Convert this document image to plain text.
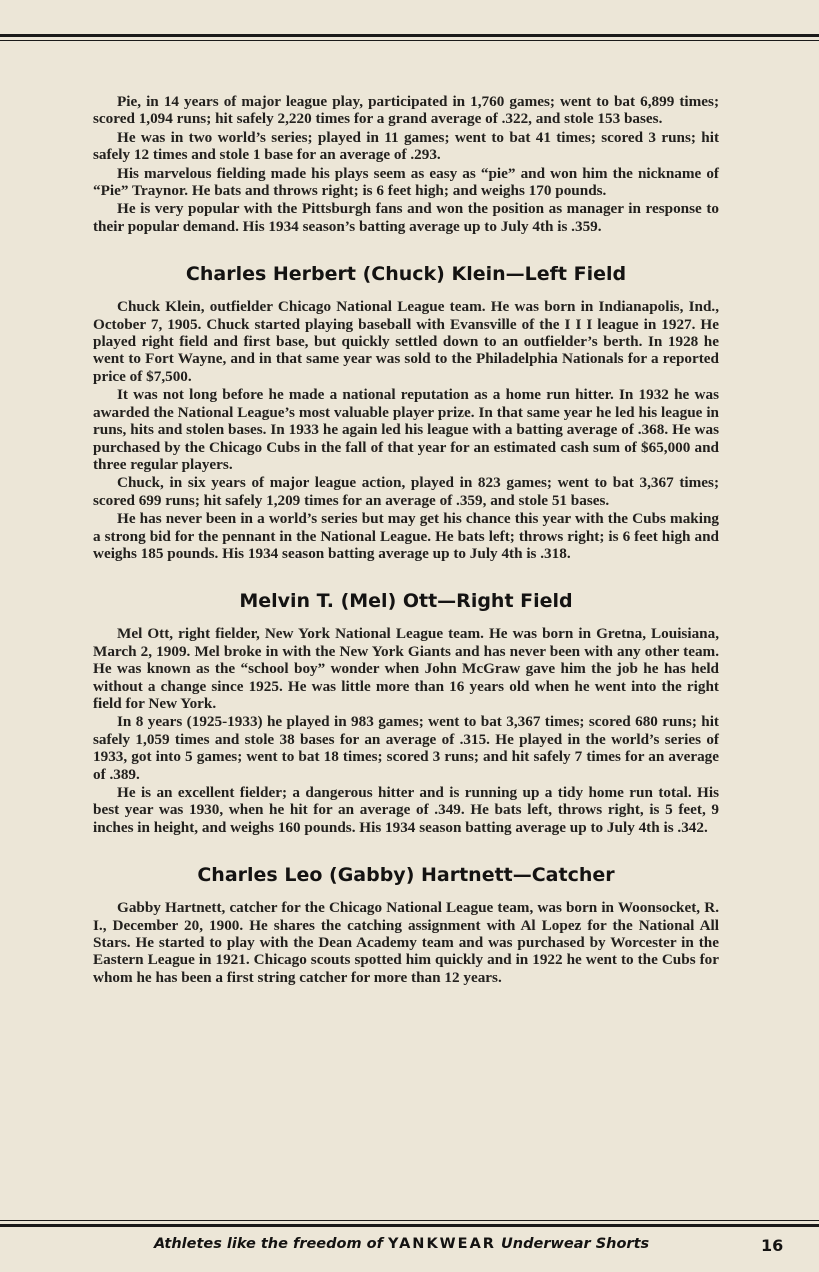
Pie, in 14 years of major league play, participated in 1,760 games; went to bat 6,899 times; scored 1,094 runs; hit safely 2,220 times for a grand average of .322, and stole 153 bases.

He was in two world’s series; played in 11 games; went to bat 41 times; scored 3 runs; hit safely 12 times and stole 1 base for an average of .293.

His marvelous fielding made his plays seem as easy as “pie” and won him the nickname of “Pie” Traynor. He bats and throws right; is 6 feet high; and weighs 170 pounds.

He is very popular with the Pittsburgh fans and won the position as manager in response to their popular demand. His 1934 season’s batting average up to July 4th is .359.

Charles Herbert (Chuck) Klein—Left Field

Chuck Klein, outfielder Chicago National League team. He was born in Indianapolis, Ind., October 7, 1905. Chuck started playing baseball with Evansville of the I I I league in 1927. He played right field and first base, but quickly settled down to an outfielder’s berth. In 1928 he went to Fort Wayne, and in that same year was sold to the Philadelphia Nationals for a reported price of $7,500.

It was not long before he made a national reputation as a home run hitter. In 1932 he was awarded the National League’s most valuable player prize. In that same year he led his league in runs, hits and stolen bases. In 1933 he again led his league with a batting average of .368. He was purchased by the Chicago Cubs in the fall of that year for an estimated cash sum of $65,000 and three regular players.

Chuck, in six years of major league action, played in 823 games; went to bat 3,367 times; scored 699 runs; hit safely 1,209 times for an average of .359, and stole 51 bases.

He has never been in a world’s series but may get his chance this year with the Cubs making a strong bid for the pennant in the National League. He bats left; throws right; is 6 feet high and weighs 185 pounds. His 1934 season batting average up to July 4th is .318.

Melvin T. (Mel) Ott—Right Field

Mel Ott, right fielder, New York National League team. He was born in Gretna, Louisiana, March 2, 1909. Mel broke in with the New York Giants and has never been with any other team. He was known as the “school boy” wonder when John McGraw gave him the job he has held without a change since 1925. He was little more than 16 years old when he went into the right field for New York.

In 8 years (1925-1933) he played in 983 games; went to bat 3,367 times; scored 680 runs; hit safely 1,059 times and stole 38 bases for an average of .315. He played in the world’s series of 1933, got into 5 games; went to bat 18 times; scored 3 runs; and hit safely 7 times for an average of .389.

He is an excellent fielder; a dangerous hitter and is running up a tidy home run total. His best year was 1930, when he hit for an average of .349. He bats left, throws right, is 5 feet, 9 inches in height, and weighs 160 pounds. His 1934 season batting average up to July 4th is .342.

Charles Leo (Gabby) Hartnett—Catcher

Gabby Hartnett, catcher for the Chicago National League team, was born in Woonsocket, R. I., December 20, 1900. He shares the catching assignment with Al Lopez for the National All Stars. He started to play with the Dean Academy team and was purchased by Worcester in the Eastern League in 1921. Chicago scouts spotted him quickly and in 1922 he went to the Cubs for whom he has been a first string catcher for more than 12 years.

Athletes like the freedom of YANKWEAR Underwear Shorts	16
